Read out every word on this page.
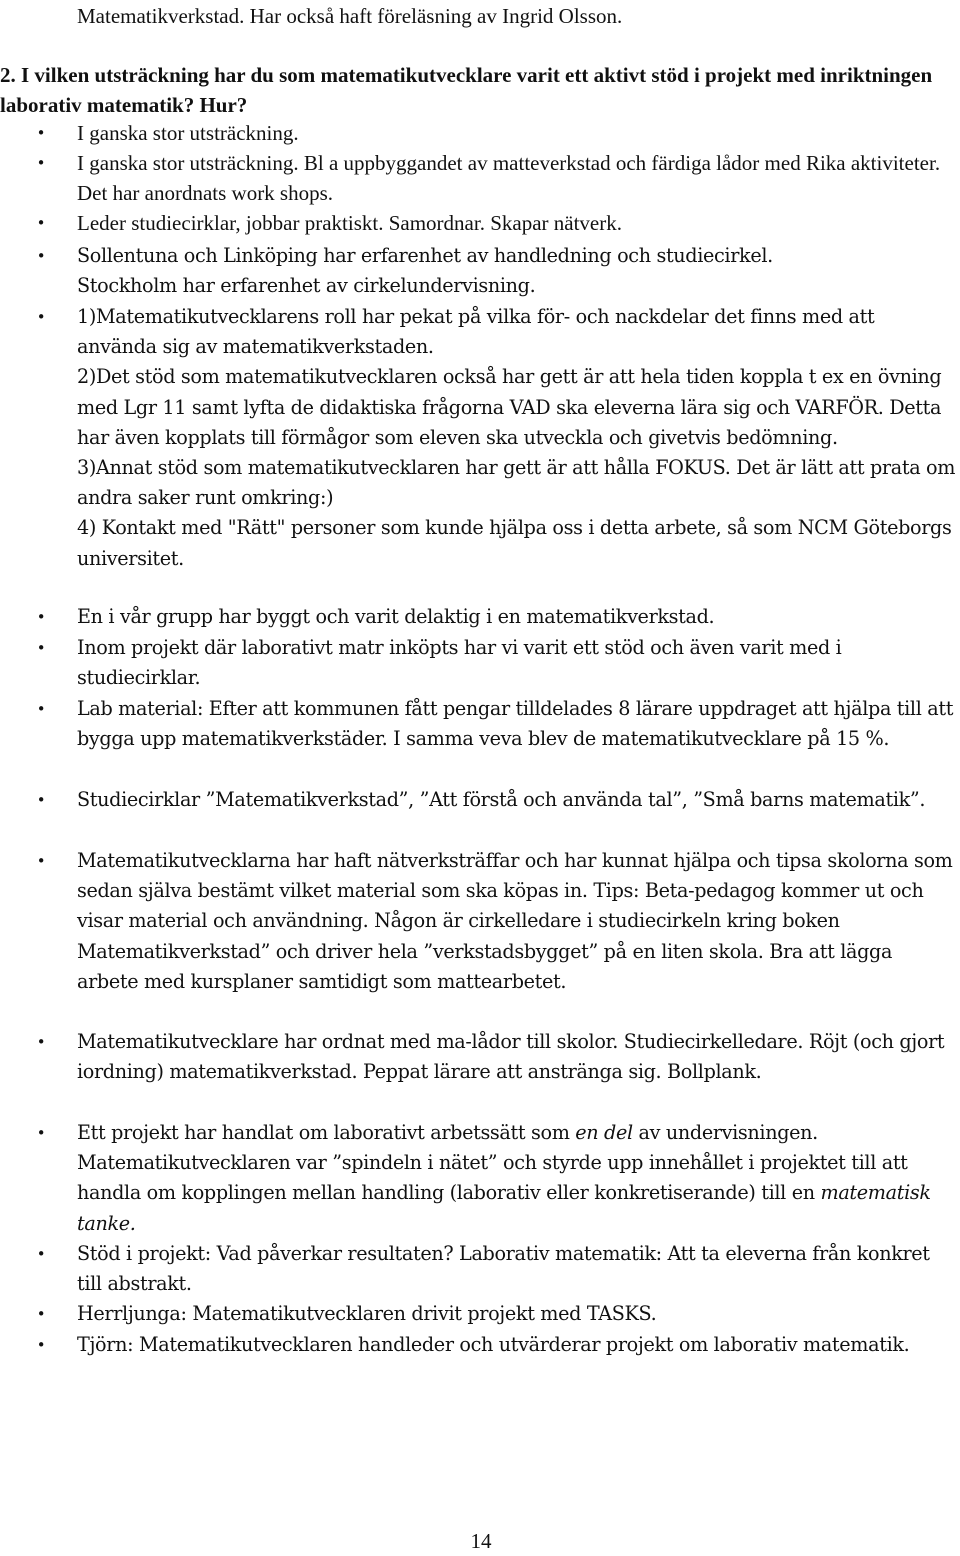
Matematikverkstad. Har också haft föreläsning av Ingrid Olsson.

2. I vilken utsträckning har du som matematikutvecklare varit ett aktivt stöd i projekt med inriktningen laborativ matematik? Hur?

• I ganska stor utsträckning.
• I ganska stor utsträckning. Bl a uppbyggandet av matteverkstad och färdiga lådor med Rika aktiviteter. Det har anordnats work shops.
• Leder studiecirklar, jobbar praktiskt. Samordnar. Skapar nätverk.
• Sollentuna och Linköping har erfarenhet av handledning och studiecirkel.
Stockholm har erfarenhet av cirkelundervisning.
• 1)Matematikutvecklarens roll har pekat på vilka för- och nackdelar det finns med att använda sig av matematikverkstaden.
2)Det stöd som matematikutvecklaren också har gett är att hela tiden koppla t ex en övning med Lgr 11 samt lyfta de didaktiska frågorna VAD ska eleverna lära sig och VARFÖR. Detta har även kopplats till förmågor som eleven ska utveckla och givetvis bedömning.
3)Annat stöd som matematikutvecklaren har gett är att hålla FOKUS. Det är lätt att prata om andra saker runt omkring:)
4) Kontakt med "Rätt" personer som kunde hjälpa oss i detta arbete, så som NCM Göteborgs universitet.
• En i vår grupp har byggt och varit delaktig i en matematikverkstad.
• Inom projekt där laborativt matr inköpts har vi varit ett stöd och även varit med i studiecirklar.
• Lab material: Efter att kommunen fått pengar tilldelades 8 lärare uppdraget att hjälpa till att bygga upp matematikverkstäder. I samma veva blev de matematikutvecklare på 15 %.
• Studiecirklar ”Matematikverkstad”, ”Att förstå och använda tal”, ”Små barns matematik”.
• Matematikutvecklarna har haft nätverksträffar och har kunnat hjälpa och tipsa skolorna som sedan själva bestämt vilket material som ska köpas in. Tips: Beta-pedagog kommer ut och visar material och användning. Någon är cirkelledare i studiecirkeln kring boken Matematikverkstad” och driver hela ”verkstadsbygget” på en liten skola. Bra att lägga arbete med kursplaner samtidigt som mattearbetet.
• Matematikutvecklare har ordnat med ma-lådor till skolor. Studiecirkelledare. Röjt (och gjort iordning) matematikverkstad. Peppat lärare att anstränga sig. Bollplank.
• Ett projekt har handlat om laborativt arbetssätt som en del av undervisningen. Matematikutvecklaren var ”spindeln i nätet” och styrde upp innehållet i projektet till att handla om kopplingen mellan handling (laborativ eller konkretiserande) till en matematisk tanke.
• Stöd i projekt: Vad påverkar resultaten? Laborativ matematik: Att ta eleverna från konkret till abstrakt.
• Herrljunga: Matematikutvecklaren drivit projekt med TASKS.
• Tjörn: Matematikutvecklaren handleder och utvärderar projekt om laborativ matematik.
14
